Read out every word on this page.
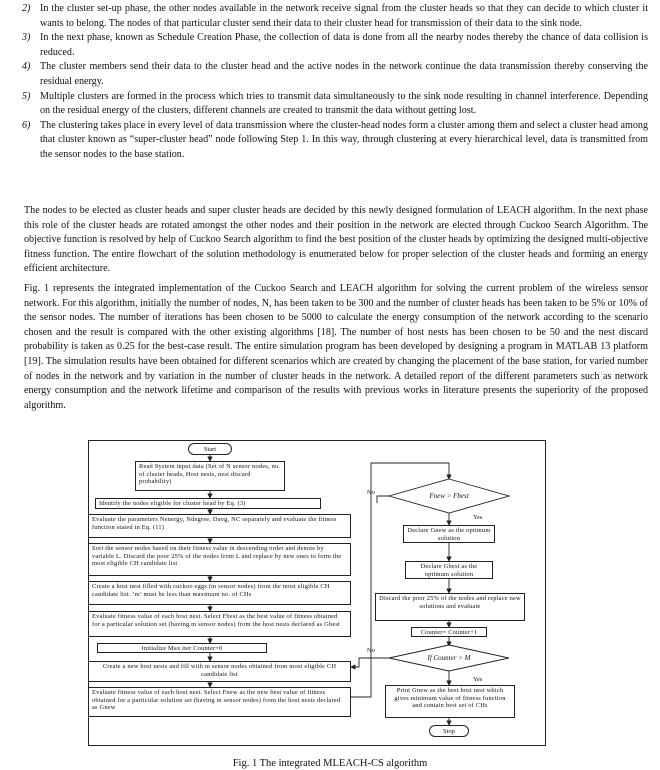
2) In the cluster set-up phase, the other nodes available in the network receive signal from the cluster heads so that they can decide to which cluster it wants to belong. The nodes of that particular cluster send their data to their cluster head for transmission of their data to the sink node.
3) In the next phase, known as Schedule Creation Phase, the collection of data is done from all the nearby nodes thereby the chance of data collision is reduced.
4) The cluster members send their data to the cluster head and the active nodes in the network continue the data transmission thereby conserving the residual energy.
5) Multiple clusters are formed in the process which tries to transmit data simultaneously to the sink node resulting in channel interference. Depending on the residual energy of the clusters, different channels are created to transmit the data without getting lost.
6) The clustering takes place in every level of data transmission where the cluster-head nodes form a cluster among them and select a cluster head among that cluster known as “super-cluster head” node following Step 1. In this way, through clustering at every hierarchical level, data is transmitted from the sensor nodes to the base station.

The nodes to be elected as cluster heads and super cluster heads are decided by this newly designed formulation of LEACH algorithm. In the next phase this role of the cluster heads are rotated amongst the other nodes and their position in the network are elected through Cuckoo Search Algorithm. The objective function is resolved by help of Cuckoo Search algorithm to find the best position of the cluster heads by optimizing the designed multi-objective fitness function. The entire flowchart of the solution methodology is enumerated below for proper selection of the cluster heads and forming an energy efficient architecture.

Fig. 1 represents the integrated implementation of the Cuckoo Search and LEACH algorithm for solving the current problem of the wireless sensor network. For this algorithm, initially the number of nodes, N, has been taken to be 300 and the number of cluster heads has been taken to be 5% or 10% of the sensor nodes. The number of iterations has been chosen to be 5000 to calculate the energy consumption of the network according to the scenario chosen and the result is compared with the other existing algorithms [18]. The number of host nests has been chosen to be 50 and the nest discard probability is taken as 0.25 for the best-case result. The entire simulation program has been developed by designing a program in MATLAB 13 platform [19]. The simulation results have been obtained for different scenarios which are created by changing the placement of the base station, for varied number of nodes in the network and by variation in the number of cluster heads in the network. A detailed report of the different parameters such as network energy consumption and the network lifetime and comparison of the results with previous works in literature presents the superiority of the proposed algorithm.

Start
Read System input data (Set of N sensor nodes, no. of cluster heads, Host nests, nest discard probability)
Identify the nodes eligible for cluster head by Eq. (3)
Evaluate the parameters Nenergy, Ndegree, Davg, NC separately and evaluate the fitness function stated in Eq. (11)
Sort the sensor nodes based on their fitness value in descending order and denote by variable L. Discard the poor 25% of the nodes from L and replace by new ones to form the most eligible CH candidate list
Create a host nest filled with cuckoo eggs (m sensor nodes) from the most eligible CH candidate list. ‘m’ must be less than maximum no. of CHs
Evaluate fitness value of each host nest. Select Fbest as the best value of fitness obtained for a particular solution set (having m sensor nodes) from the host nests declared as Gbest
Initialize Max iter Counter=0
Create a new host nests and fill with m sensor nodes obtained from most eligible CH candidate list
Evaluate fitness value of each host nest. Select Fnew as the new best value of fitness obtained for a particular solution set (having m sensor nodes) from the host nests declared as Gnew
Fnew > Fbest
No
Yes
Declare Gnew as the optimum solution
Declare Gbest as the optimum solution
Discard the poor 25% of the nodes and replace new solutions and evaluate
Counter= Counter+1
If Counter > M
No
Yes
Print Gnew as the best host nest which gives minimum value of fitness function and contain best set of CHs
Stop
Fig. 1 The integrated MLEACH-CS algorithm
